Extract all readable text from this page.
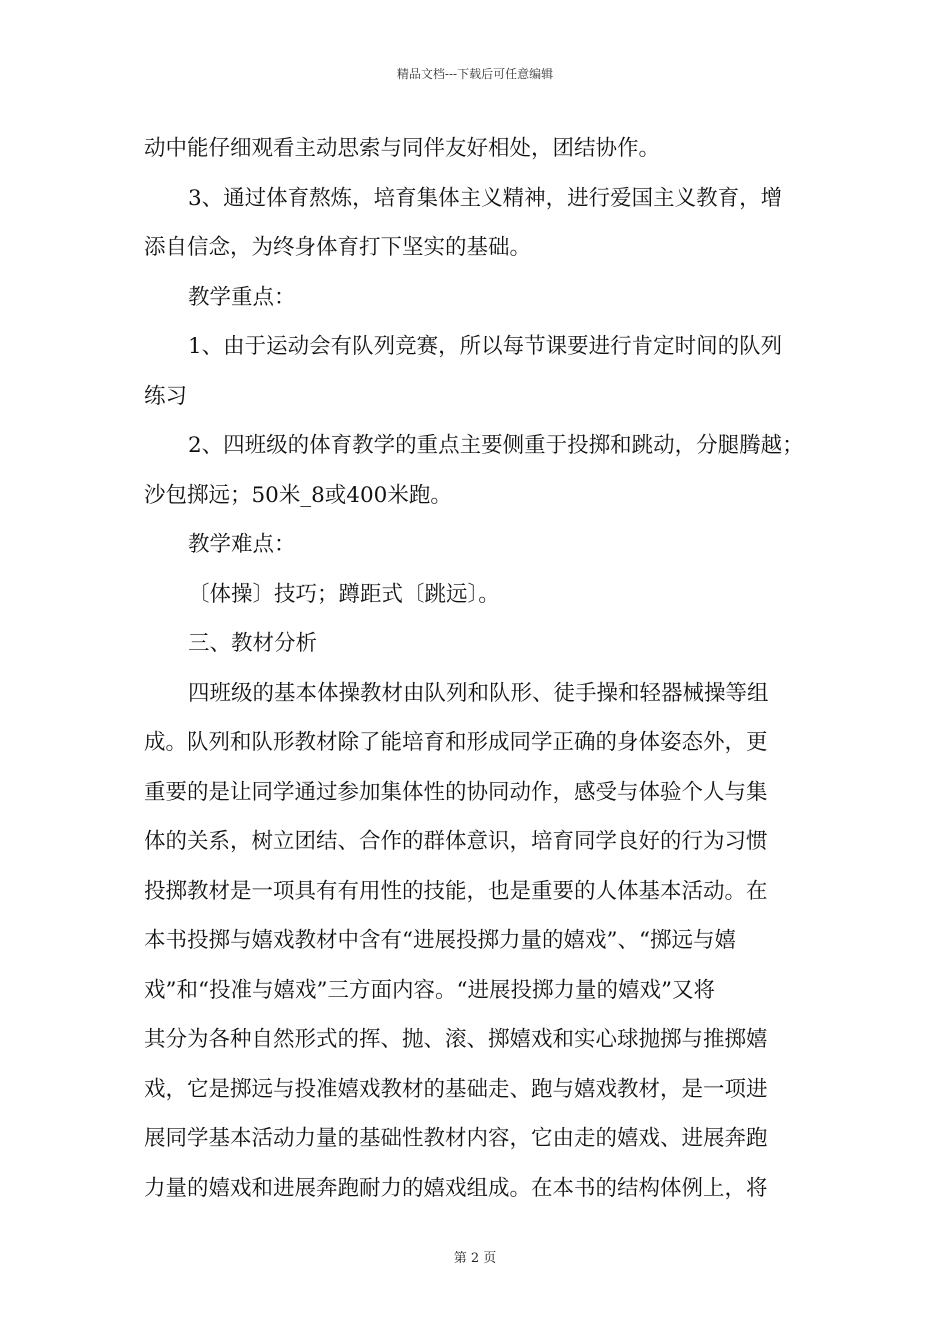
精品文档---下载后可任意编辑
动中能仔细观看主动思索与同伴友好相处，团结协作。
3、通过体育熬炼，培育集体主义精神，进行爱国主义教育，增
添自信念，为终身体育打下坚实的基础。
教学重点：
1、由于运动会有队列竞赛，所以每节课要进行肯定时间的队列
练习
2、四班级的体育教学的重点主要侧重于投掷和跳动，分腿腾越；
沙包掷远；50米_8或400米跑。
教学难点：
〔体操〕技巧；蹲距式〔跳远〕。
三、教材分析
四班级的基本体操教材由队列和队形、徒手操和轻器械操等组
成。队列和队形教材除了能培育和形成同学正确的身体姿态外，更
重要的是让同学通过参加集体性的协同动作，感受与体验个人与集
体的关系，树立团结、合作的群体意识，培育同学良好的行为习惯
投掷教材是一项具有有用性的技能，也是重要的人体基本活动。在
本书投掷与嬉戏教材中含有“进展投掷力量的嬉戏”、“掷远与嬉
戏”和“投准与嬉戏”三方面内容。“进展投掷力量的嬉戏”又将
其分为各种自然形式的挥、抛、滚、掷嬉戏和实心球抛掷与推掷嬉
戏，它是掷远与投准嬉戏教材的基础走、跑与嬉戏教材，是一项进
展同学基本活动力量的基础性教材内容，它由走的嬉戏、进展奔跑
力量的嬉戏和进展奔跑耐力的嬉戏组成。在本书的结构体例上，将
第 2 页
